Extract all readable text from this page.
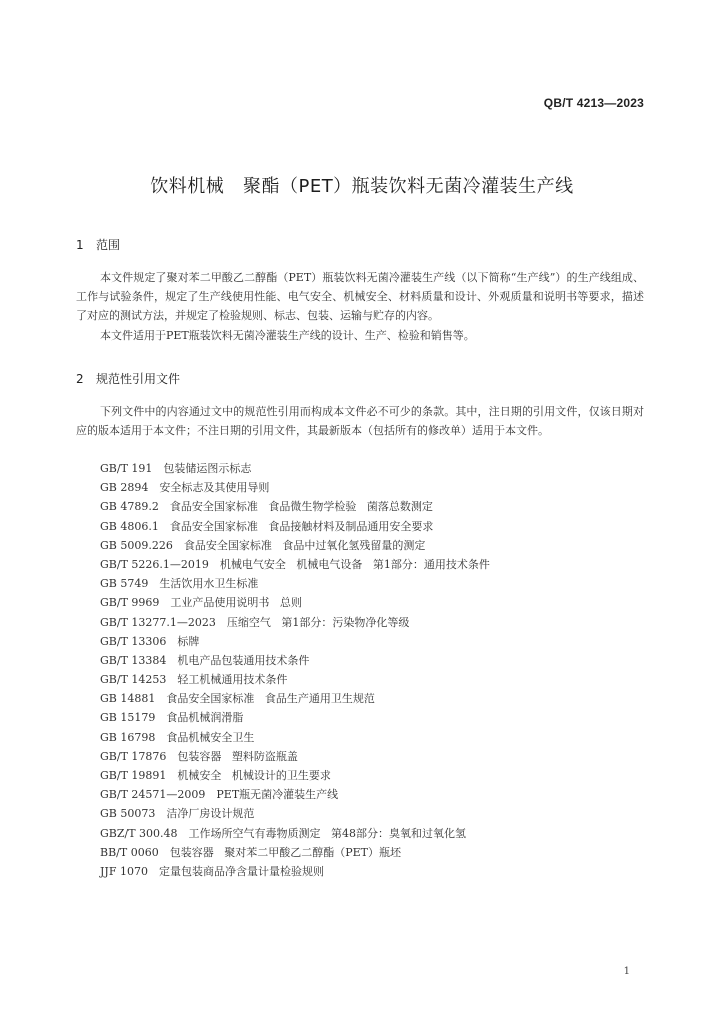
QB/T 4213—2023
饮料机械   聚酯（PET）瓶装饮料无菌冷灌装生产线
1 范围
本文件规定了聚对苯二甲酸乙二醇酯（PET）瓶装饮料无菌冷灌装生产线（以下简称“生产线”）的生产线组成、工作与试验条件，规定了生产线使用性能、电气安全、机械安全、材料质量和设计、外观质量和说明书等要求，描述了对应的测试方法，并规定了检验规则、标志、包装、运输与贮存的内容。
本文件适用于PET瓶装饮料无菌冷灌装生产线的设计、生产、检验和销售等。
2 规范性引用文件
下列文件中的内容通过文中的规范性引用而构成本文件必不可少的条款。其中，注日期的引用文件，仅该日期对应的版本适用于本文件；不注日期的引用文件，其最新版本（包括所有的修改单）适用于本文件。
GB/T 191 包装储运图示标志
GB 2894 安全标志及其使用导则
GB 4789.2 食品安全国家标准   食品微生物学检验   菌落总数测定
GB 4806.1 食品安全国家标准   食品接触材料及制品通用安全要求
GB 5009.226 食品安全国家标准   食品中过氧化氢残留量的测定
GB/T 5226.1—2019 机械电气安全   机械电气设备   第1部分：通用技术条件
GB 5749 生活饮用水卫生标准
GB/T 9969 工业产品使用说明书   总则
GB/T 13277.1—2023 压缩空气   第1部分：污染物净化等级
GB/T 13306 标牌
GB/T 13384 机电产品包装通用技术条件
GB/T 14253 轻工机械通用技术条件
GB 14881 食品安全国家标准   食品生产通用卫生规范
GB 15179 食品机械润滑脂
GB 16798 食品机械安全卫生
GB/T 17876 包装容器   塑料防盗瓶盖
GB/T 19891 机械安全   机械设计的卫生要求
GB/T 24571—2009 PET瓶无菌冷灌装生产线
GB 50073 洁净厂房设计规范
GBZ/T 300.48 工作场所空气有毒物质测定   第48部分：臭氧和过氧化氢
BB/T 0060 包装容器   聚对苯二甲酸乙二醇酯（PET）瓶坯
JJF 1070 定量包装商品净含量计量检验规则
1
